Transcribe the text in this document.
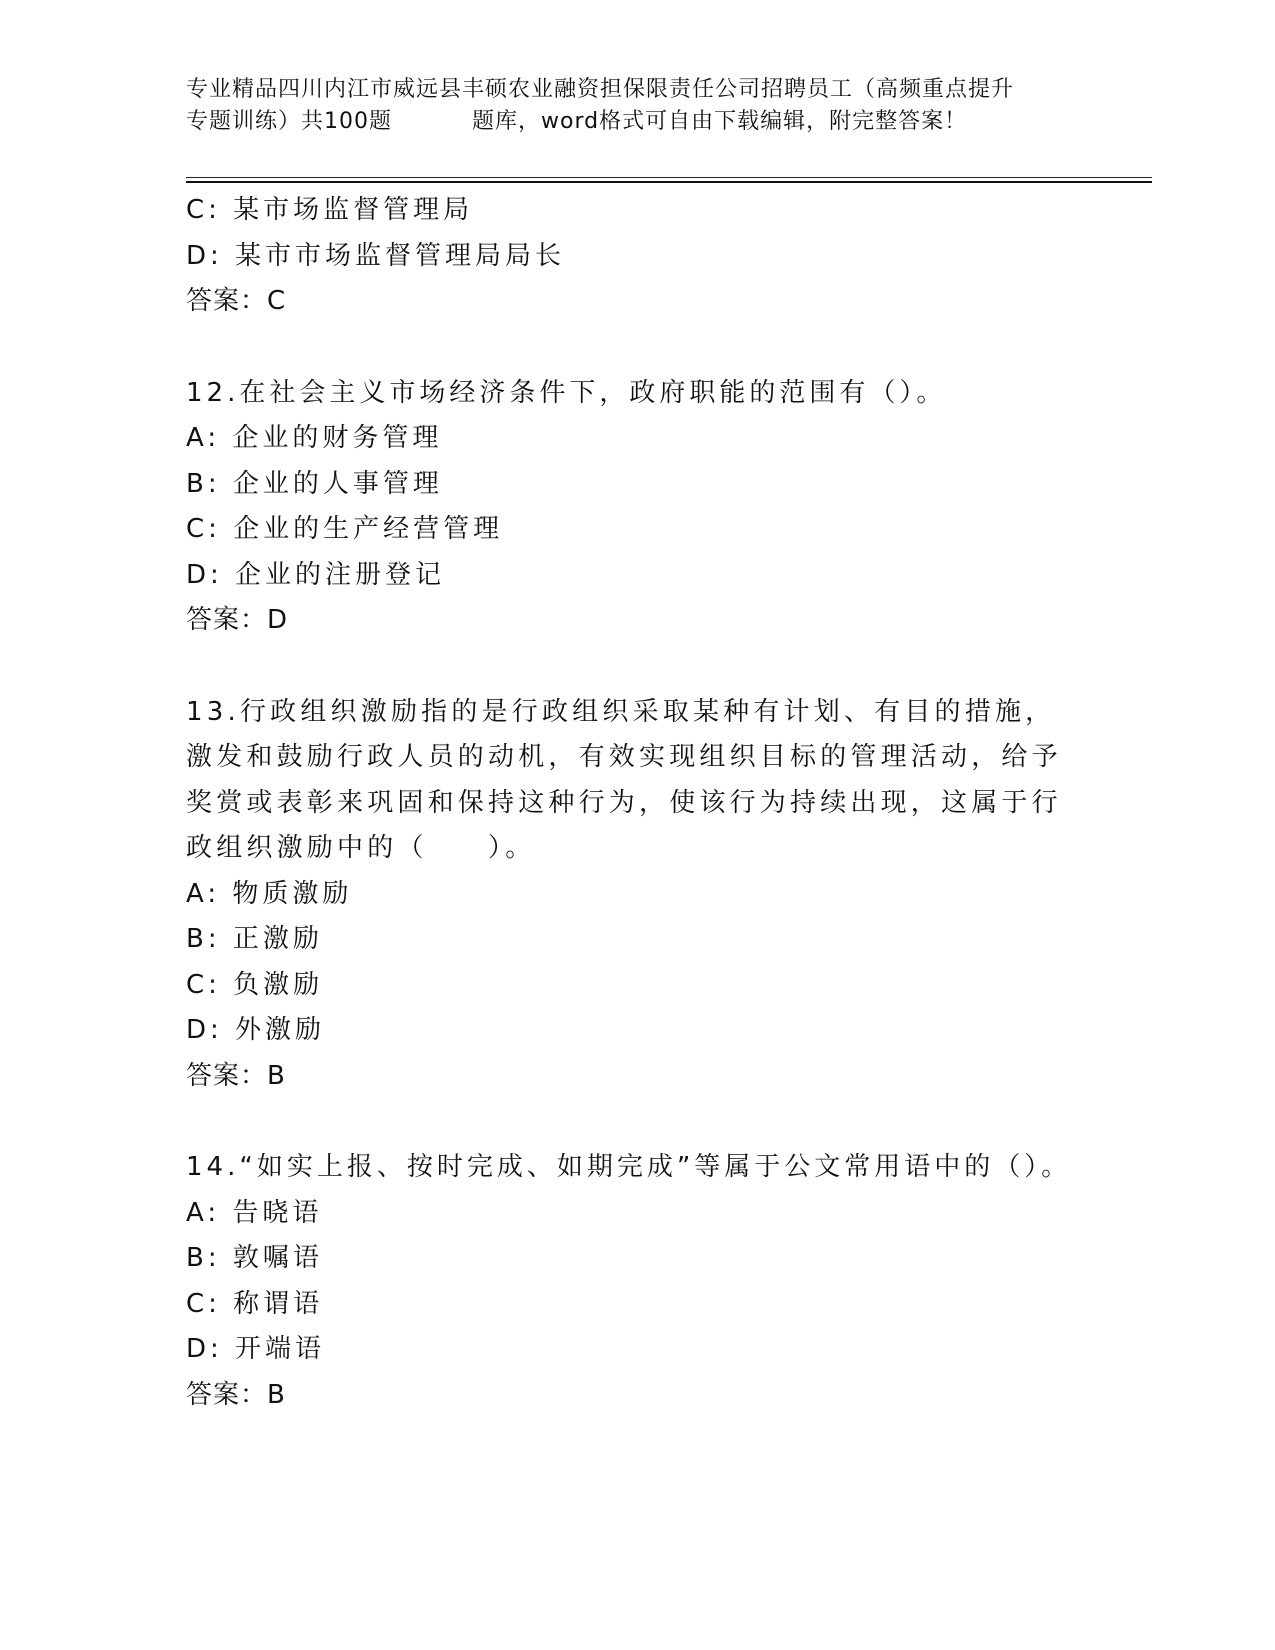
专业精品四川内江市威远县丰硕农业融资担保限责任公司招聘员工（高频重点提升
专题训练）共100题	题库，word格式可自由下载编辑，附完整答案！
C: 某市场监督管理局
D: 某市市场监督管理局局长
答案：C
12.在社会主义市场经济条件下，政府职能的范围有（）。
A: 企业的财务管理
B: 企业的人事管理
C: 企业的生产经营管理
D: 企业的注册登记
答案：D
13.行政组织激励指的是行政组织采取某种有计划、有目的措施，激发和鼓励行政人员的动机，有效实现组织目标的管理活动，给予奖赏或表彰来巩固和保持这种行为，使该行为持续出现，这属于行政组织激励中的（　　）。
A: 物质激励
B: 正激励
C: 负激励
D: 外激励
答案：B
14.“如实上报、按时完成、如期完成”等属于公文常用语中的（）。
A: 告晓语
B: 敦嘱语
C: 称谓语
D: 开端语
答案：B
